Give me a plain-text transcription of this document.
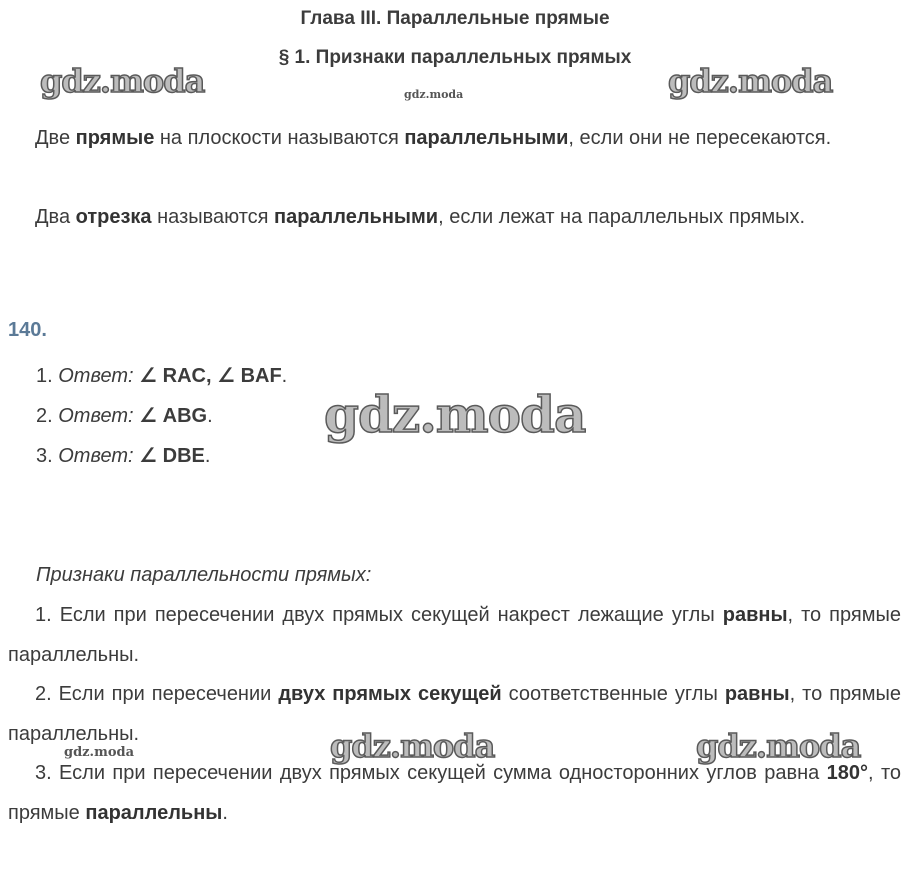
gdz.moda	gdz.moda	gdz.moda
gdz.moda
gdz.moda	gdz.moda	gdz.moda
Глава III. Параллельные прямые
§ 1. Признаки параллельных прямых

Две прямые на плоскости называются параллельными, если они не пересекаются.

Два отрезка называются параллельными, если лежат на параллельных прямых.

140.
1. Ответ: ∠ RAC, ∠ BAF.
2. Ответ: ∠ ABG.
3. Ответ: ∠ DBE.

Признаки параллельности прямых:

1. Если при пересечении двух прямых секущей накрест лежащие углы равны, то прямые параллельны.

2. Если при пересечении двух прямых секущей соответственные углы равны, то прямые параллельны.

3. Если при пересечении двух прямых секущей сумма односторонних углов равна 180°, то прямые параллельны.
